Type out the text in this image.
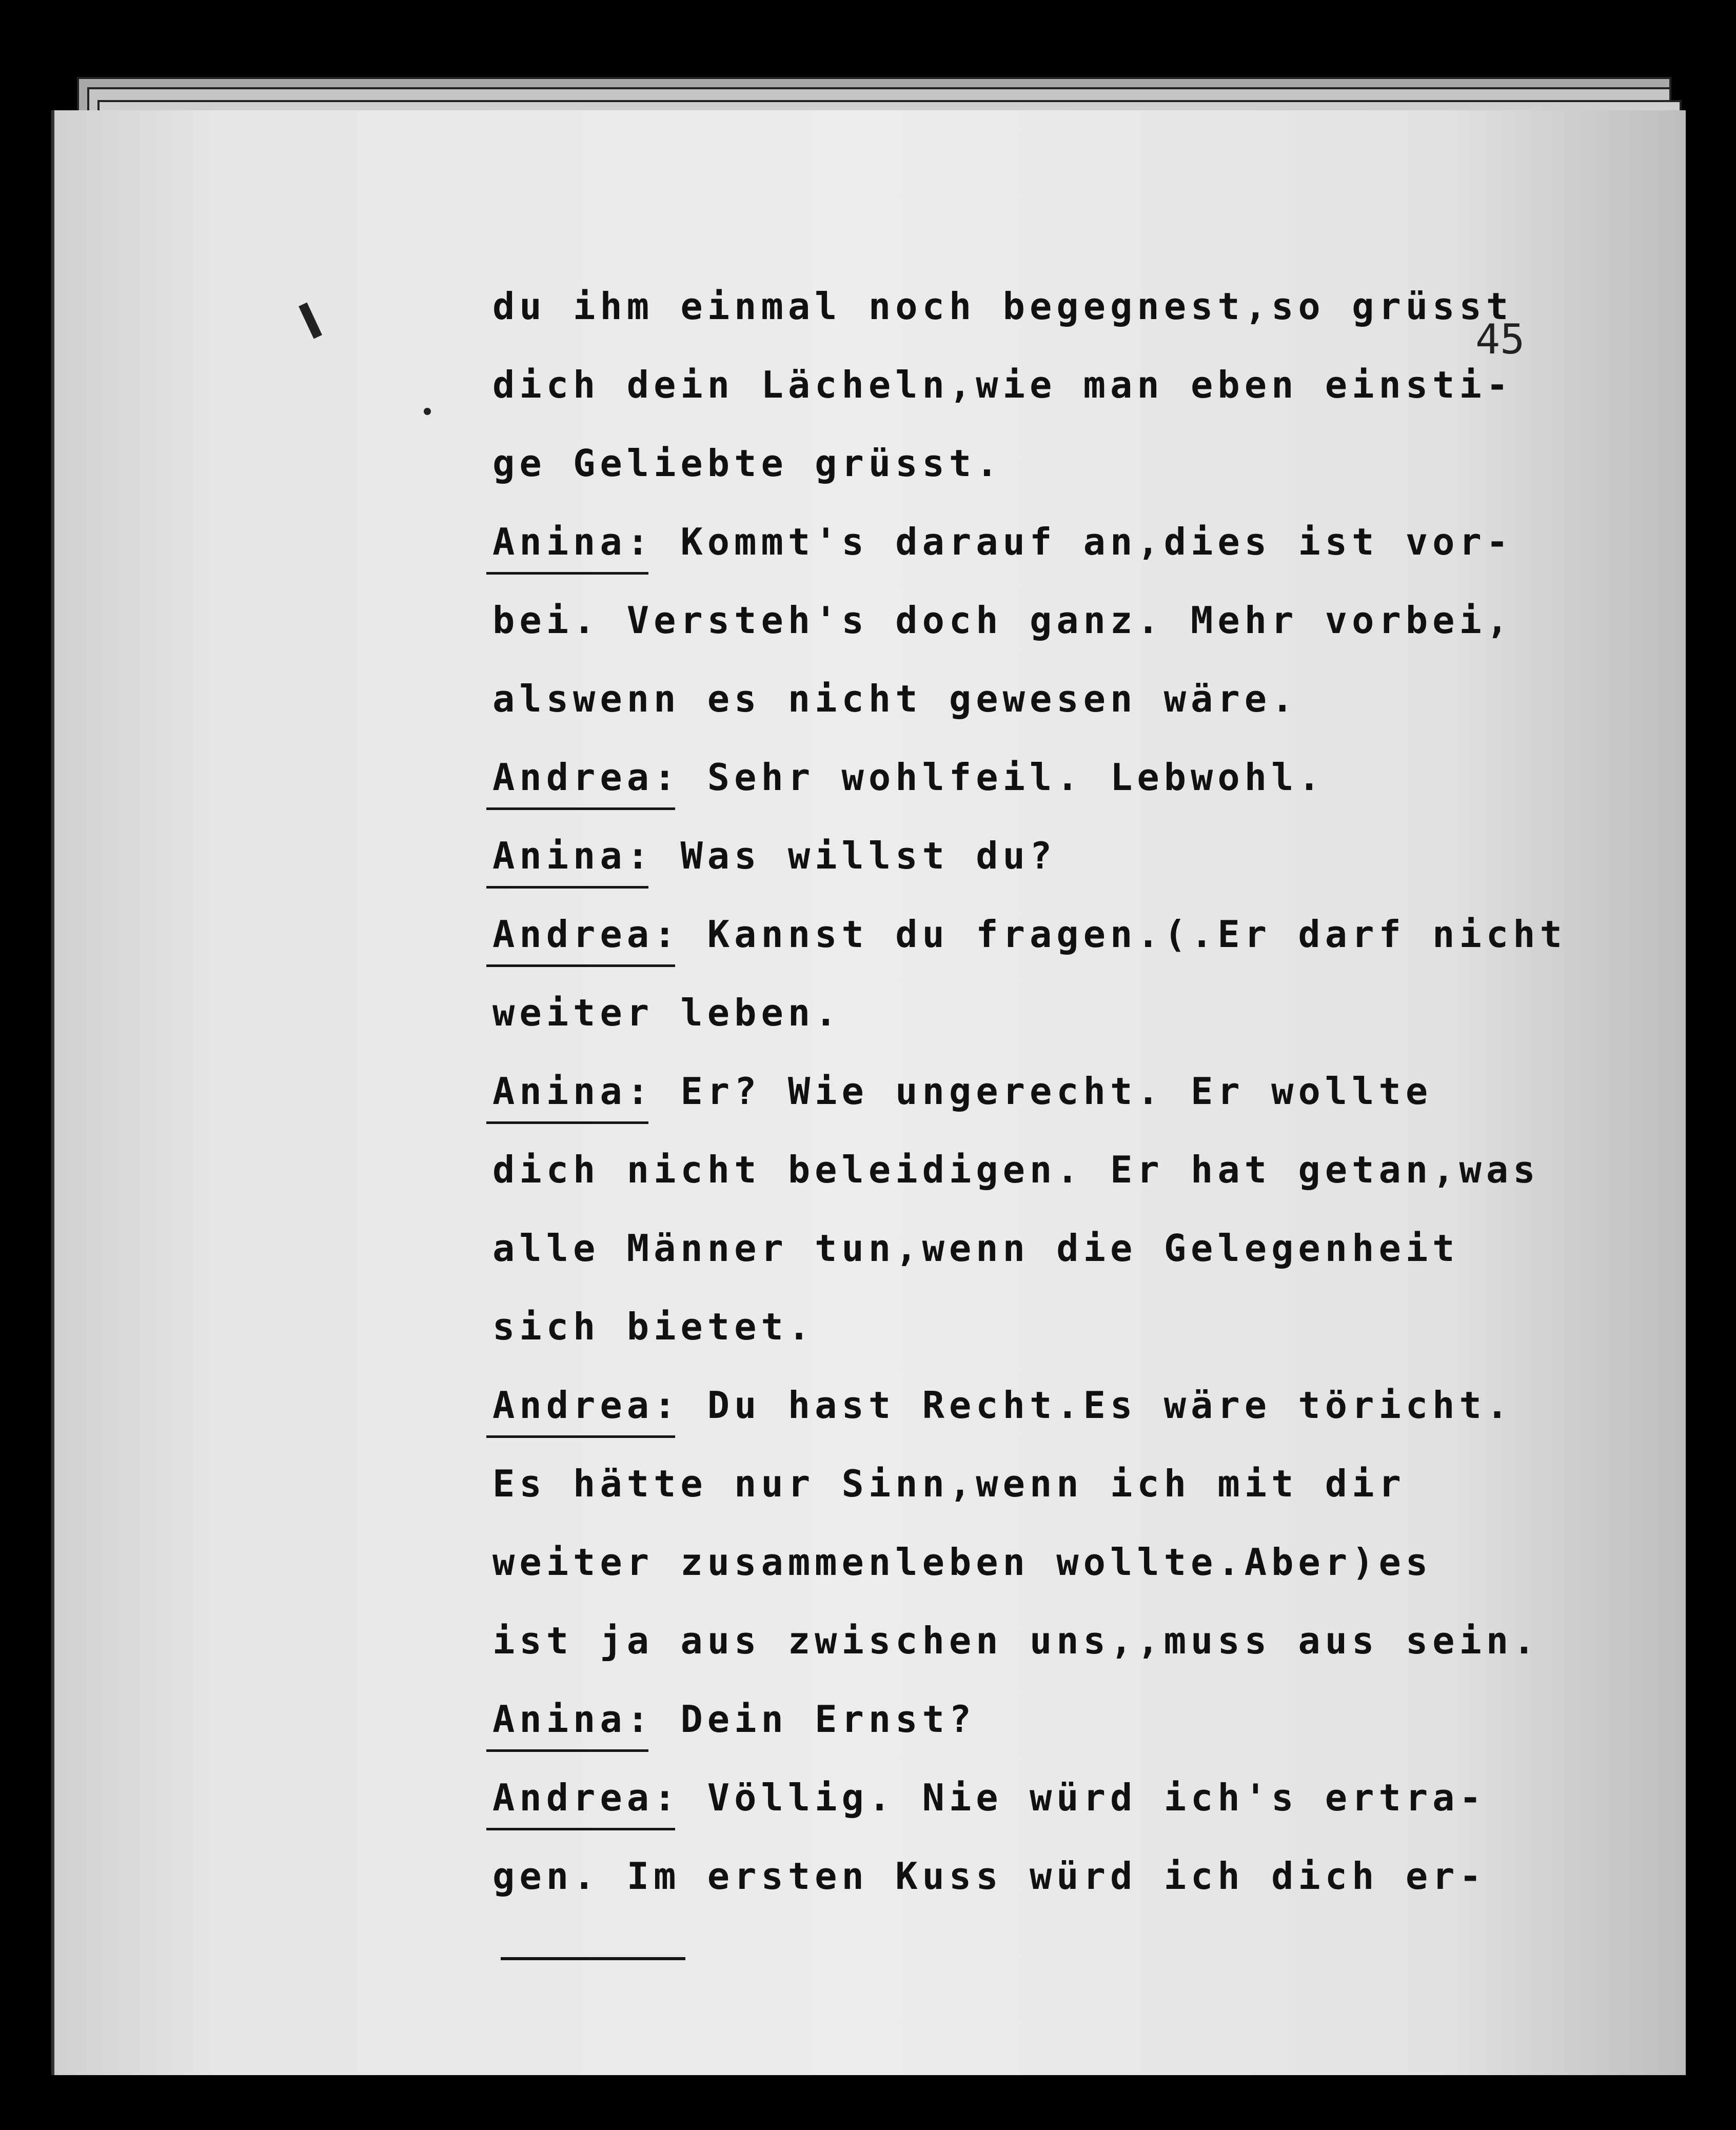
45
du ihm einmal noch begegnest,so grüsst
dich dein Lächeln,wie man eben einsti-
ge Geliebte grüsst.
Anina: Kommt's darauf an,dies ist vor-
bei. Versteh's doch ganz. Mehr vorbei,
alswenn es nicht gewesen wäre.
Andrea: Sehr wohlfeil. Lebwohl.
Anina: Was willst du?
Andrea: Kannst du fragen.(.Er darf nicht
weiter leben.
Anina: Er? Wie ungerecht. Er wollte
dich nicht beleidigen. Er hat getan,was
alle Männer tun,wenn die Gelegenheit
sich bietet.
Andrea: Du hast Recht.Es wäre töricht.
Es hätte nur Sinn,wenn ich mit dir
weiter zusammenleben wollte.Aber)es
ist ja aus zwischen uns,,muss aus sein.
Anina: Dein Ernst?
Andrea: Völlig. Nie würd ich's ertra-
gen. Im ersten Kuss würd ich dich er-
